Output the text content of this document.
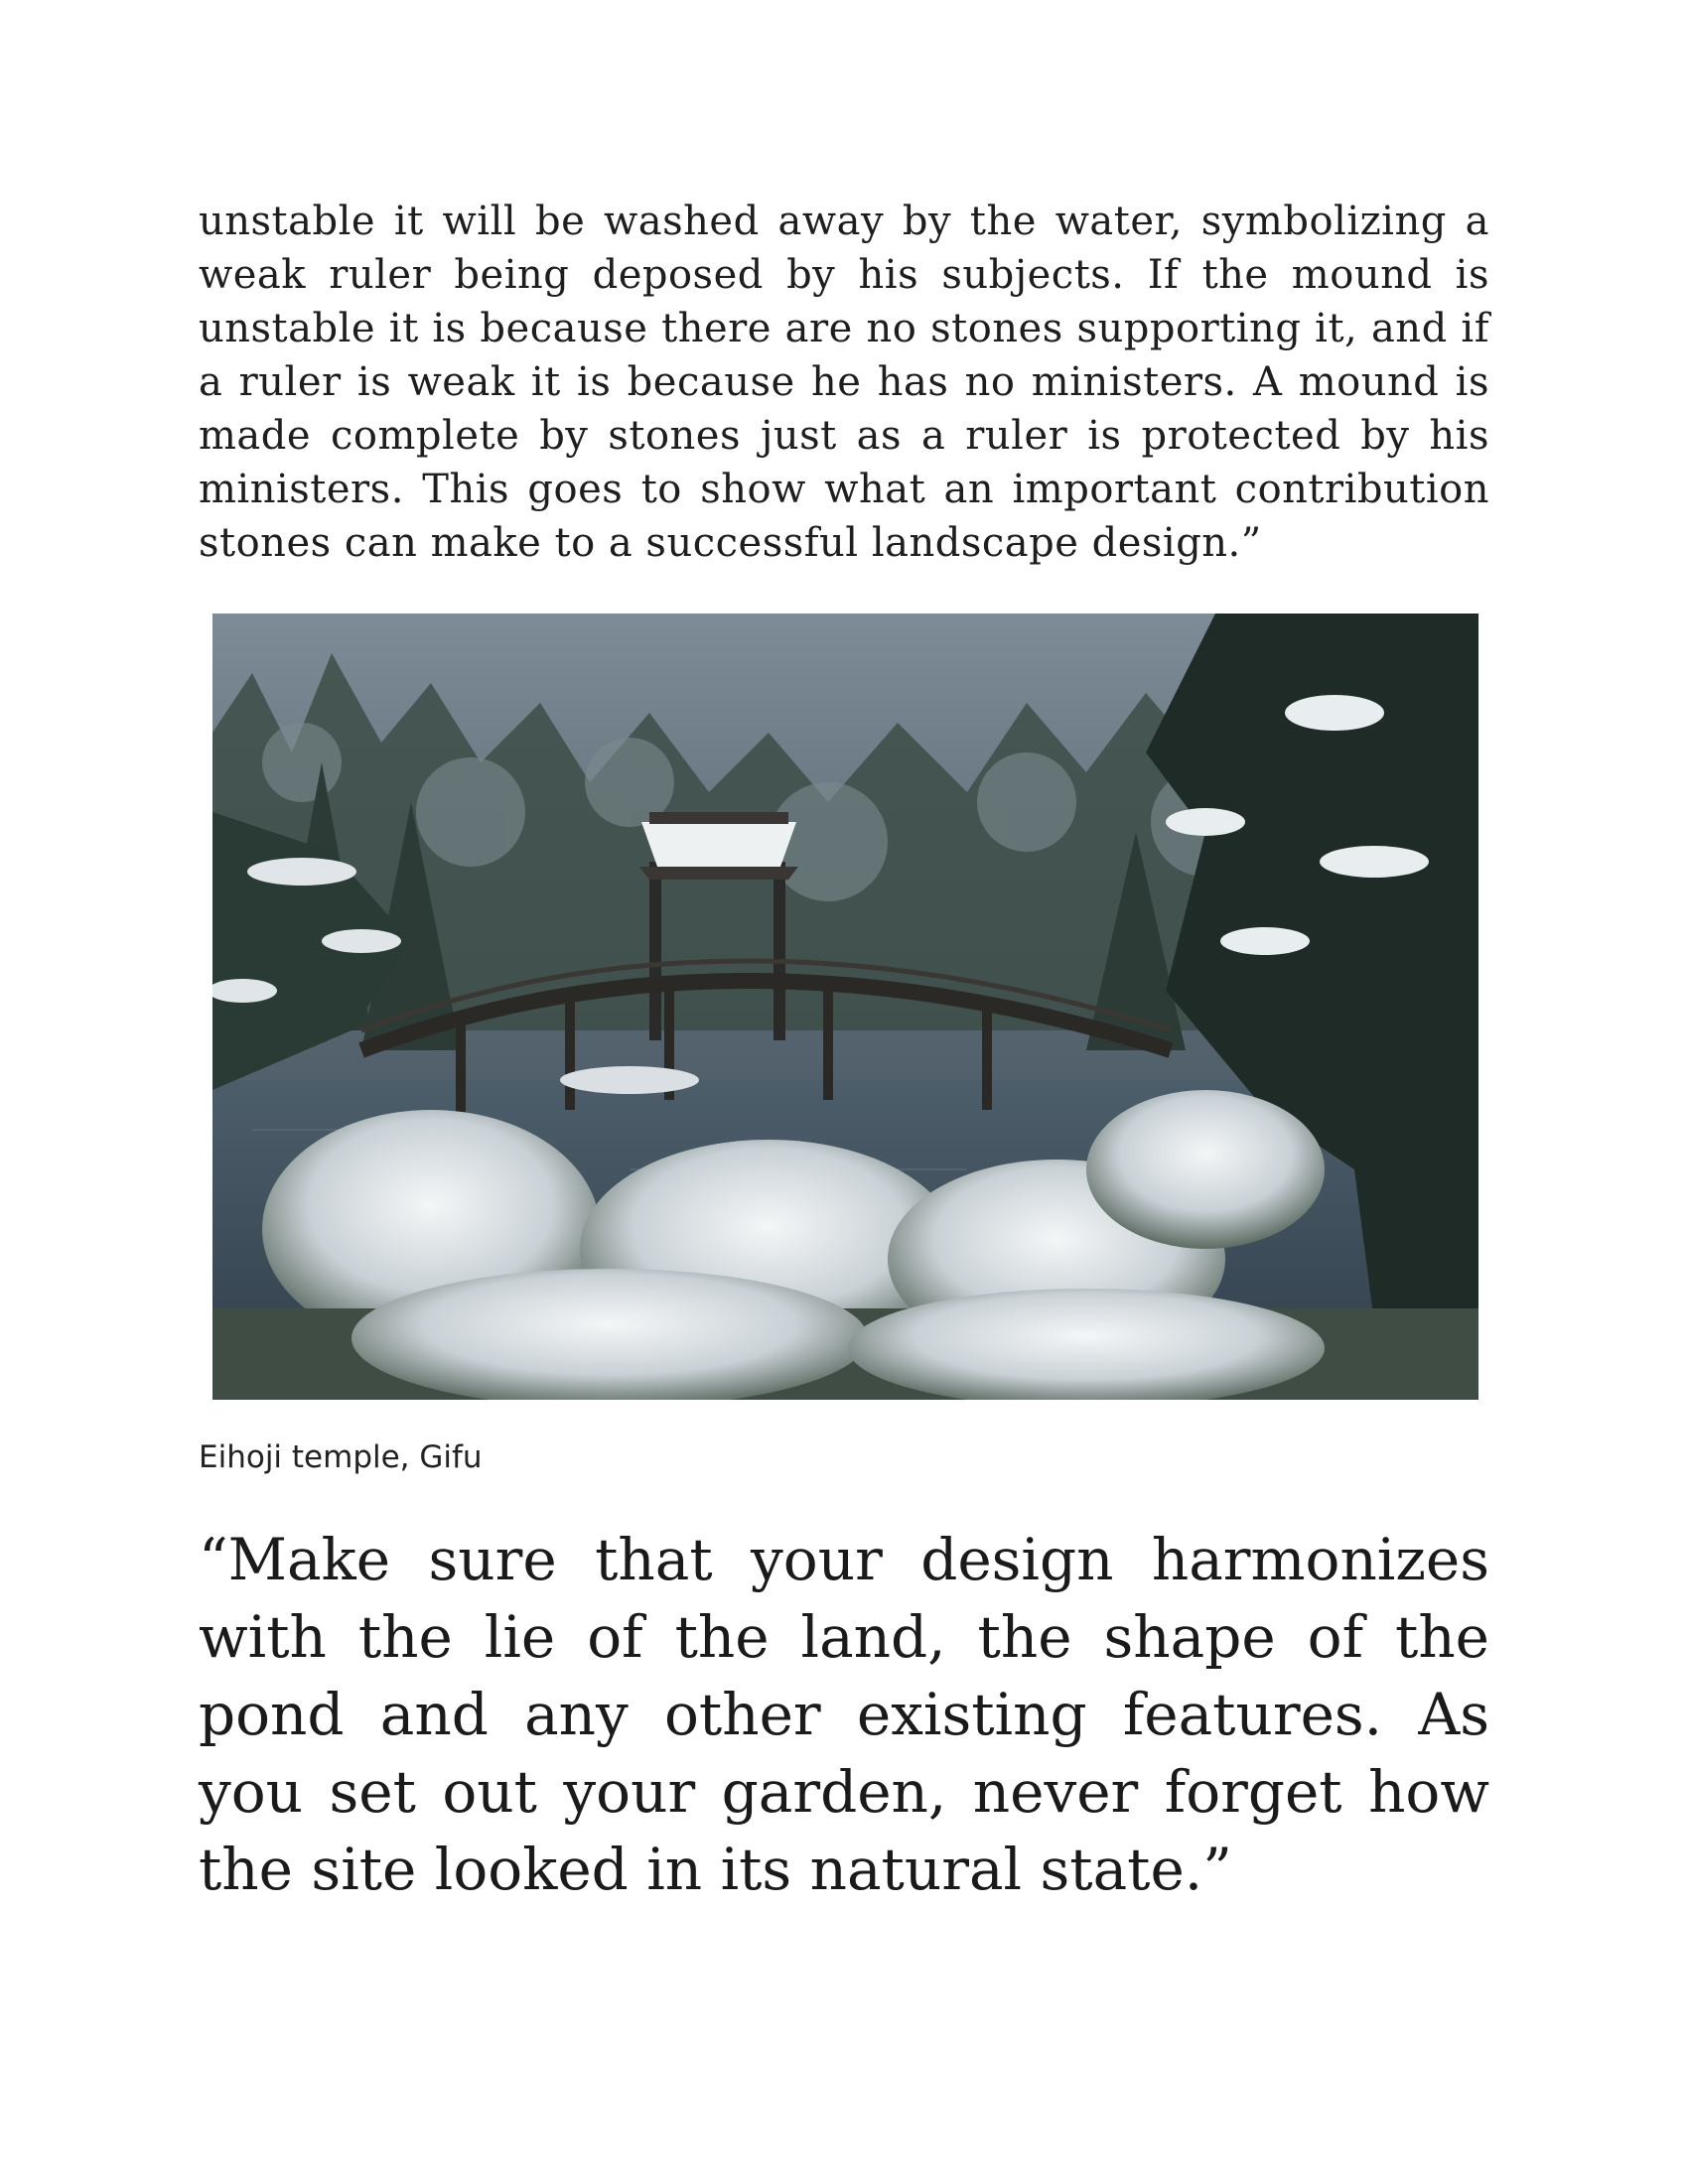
unstable it will be washed away by the water, symbolizing a weak ruler being deposed by his subjects. If the mound is unstable it is because there are no stones supporting it, and if a ruler is weak it is because he has no ministers. A mound is made complete by stones just as a ruler is protected by his ministers. This goes to show what an important contribution stones can make to a successful landscape design.”

Eihoji temple, Gifu

“Make sure that your design harmonizes with the lie of the land, the shape of the pond and any other existing features. As you set out your garden, never forget how the site looked in its natural state.”
